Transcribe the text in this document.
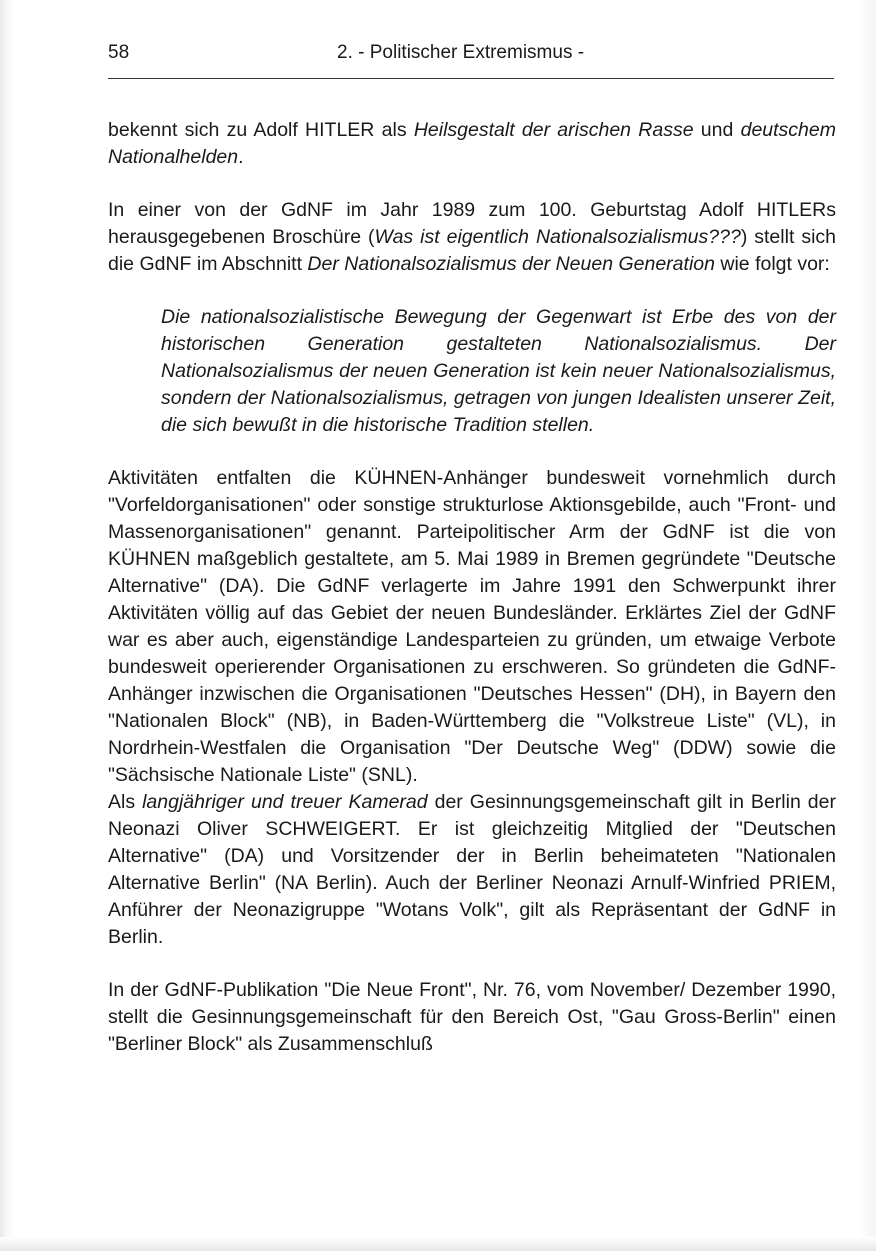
58	2. - Politischer Extremismus -

bekennt sich zu Adolf HITLER als Heilsgestalt der arischen Rasse und deutschem Nationalhelden.

In einer von der GdNF im Jahr 1989 zum 100. Geburtstag Adolf HITLERs herausgegebenen Broschüre (Was ist eigentlich Nationalsozialismus???) stellt sich die GdNF im Abschnitt Der Nationalsozialismus der Neuen Generation wie folgt vor:

Die nationalsozialistische Bewegung der Gegenwart ist Erbe des von der historischen Generation gestalteten Nationalsozialismus. Der Nationalsozialismus der neuen Generation ist kein neuer Nationalsozialismus, sondern der Nationalsozialismus, getragen von jungen Idealisten unserer Zeit, die sich bewußt in die historische Tradition stellen.

Aktivitäten entfalten die KÜHNEN-Anhänger bundesweit vornehmlich durch "Vorfeldorganisationen" oder sonstige strukturlose Aktionsgebilde, auch "Front- und Massenorganisationen" genannt. Parteipolitischer Arm der GdNF ist die von KÜHNEN maßgeblich gestaltete, am 5. Mai 1989 in Bremen gegründete "Deutsche Alternative" (DA). Die GdNF verlagerte im Jahre 1991 den Schwerpunkt ihrer Aktivitäten völlig auf das Gebiet der neuen Bundesländer. Erklärtes Ziel der GdNF war es aber auch, eigenständige Landesparteien zu gründen, um etwaige Verbote bundesweit operierender Organisationen zu erschweren. So gründeten die GdNF-Anhänger inzwischen die Organisationen "Deutsches Hessen" (DH), in Bayern den "Nationalen Block" (NB), in Baden-Württemberg die "Volkstreue Liste" (VL), in Nordrhein-Westfalen die Organisation "Der Deutsche Weg" (DDW) sowie die "Sächsische Nationale Liste" (SNL).

Als langjähriger und treuer Kamerad der Gesinnungsgemeinschaft gilt in Berlin der Neonazi Oliver SCHWEIGERT. Er ist gleichzeitig Mitglied der "Deutschen Alternative" (DA) und Vorsitzender der in Berlin beheimateten "Nationalen Alternative Berlin" (NA Berlin). Auch der Berliner Neonazi Arnulf-Winfried PRIEM, Anführer der Neonazigruppe "Wotans Volk", gilt als Repräsentant der GdNF in Berlin.

In der GdNF-Publikation "Die Neue Front", Nr. 76, vom November/ Dezember 1990, stellt die Gesinnungsgemeinschaft für den Bereich Ost, "Gau Gross-Berlin" einen "Berliner Block" als Zusammenschluß
